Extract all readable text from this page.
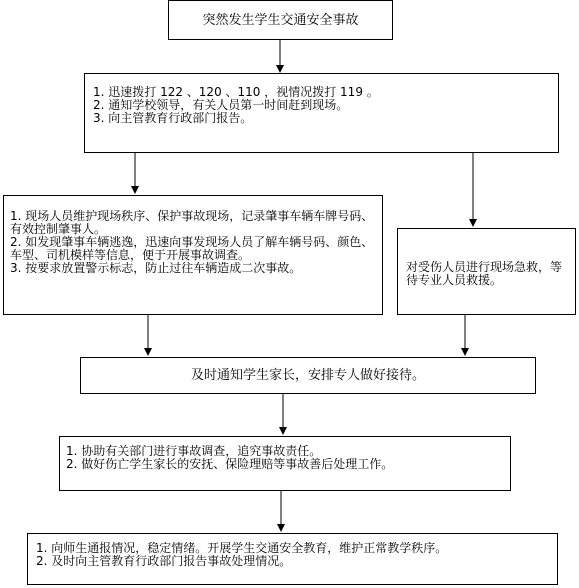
突然发生学生交通安全事故

1. 迅速拨打 122 、120 、110 ，视情况拨打 119 。

2. 通知学校领导，有关人员第一时间赶到现场。

3. 向主管教育行政部门报告。

1. 现场人员维护现场秩序、保护事故现场，记录肇事车辆车牌号码、有效控制肇事人。

2. 如发现肇事车辆逃逸，迅速向事发现场人员了解车辆号码、颜色、车型、司机模样等信息，便于开展事故调查。

3. 按要求放置警示标志，防止过往车辆造成二次事故。	对受伤人员进行现场急救，等待专业人员救援。

及时通知学生家长，安排专人做好接待。

1. 协助有关部门进行事故调查，追究事故责任。

2. 做好伤亡学生家长的安抚、保险理赔等事故善后处理工作。

1. 向师生通报情况，稳定情绪。开展学生交通安全教育，维护正常教学秩序。

2. 及时向主管教育行政部门报告事故处理情况。
